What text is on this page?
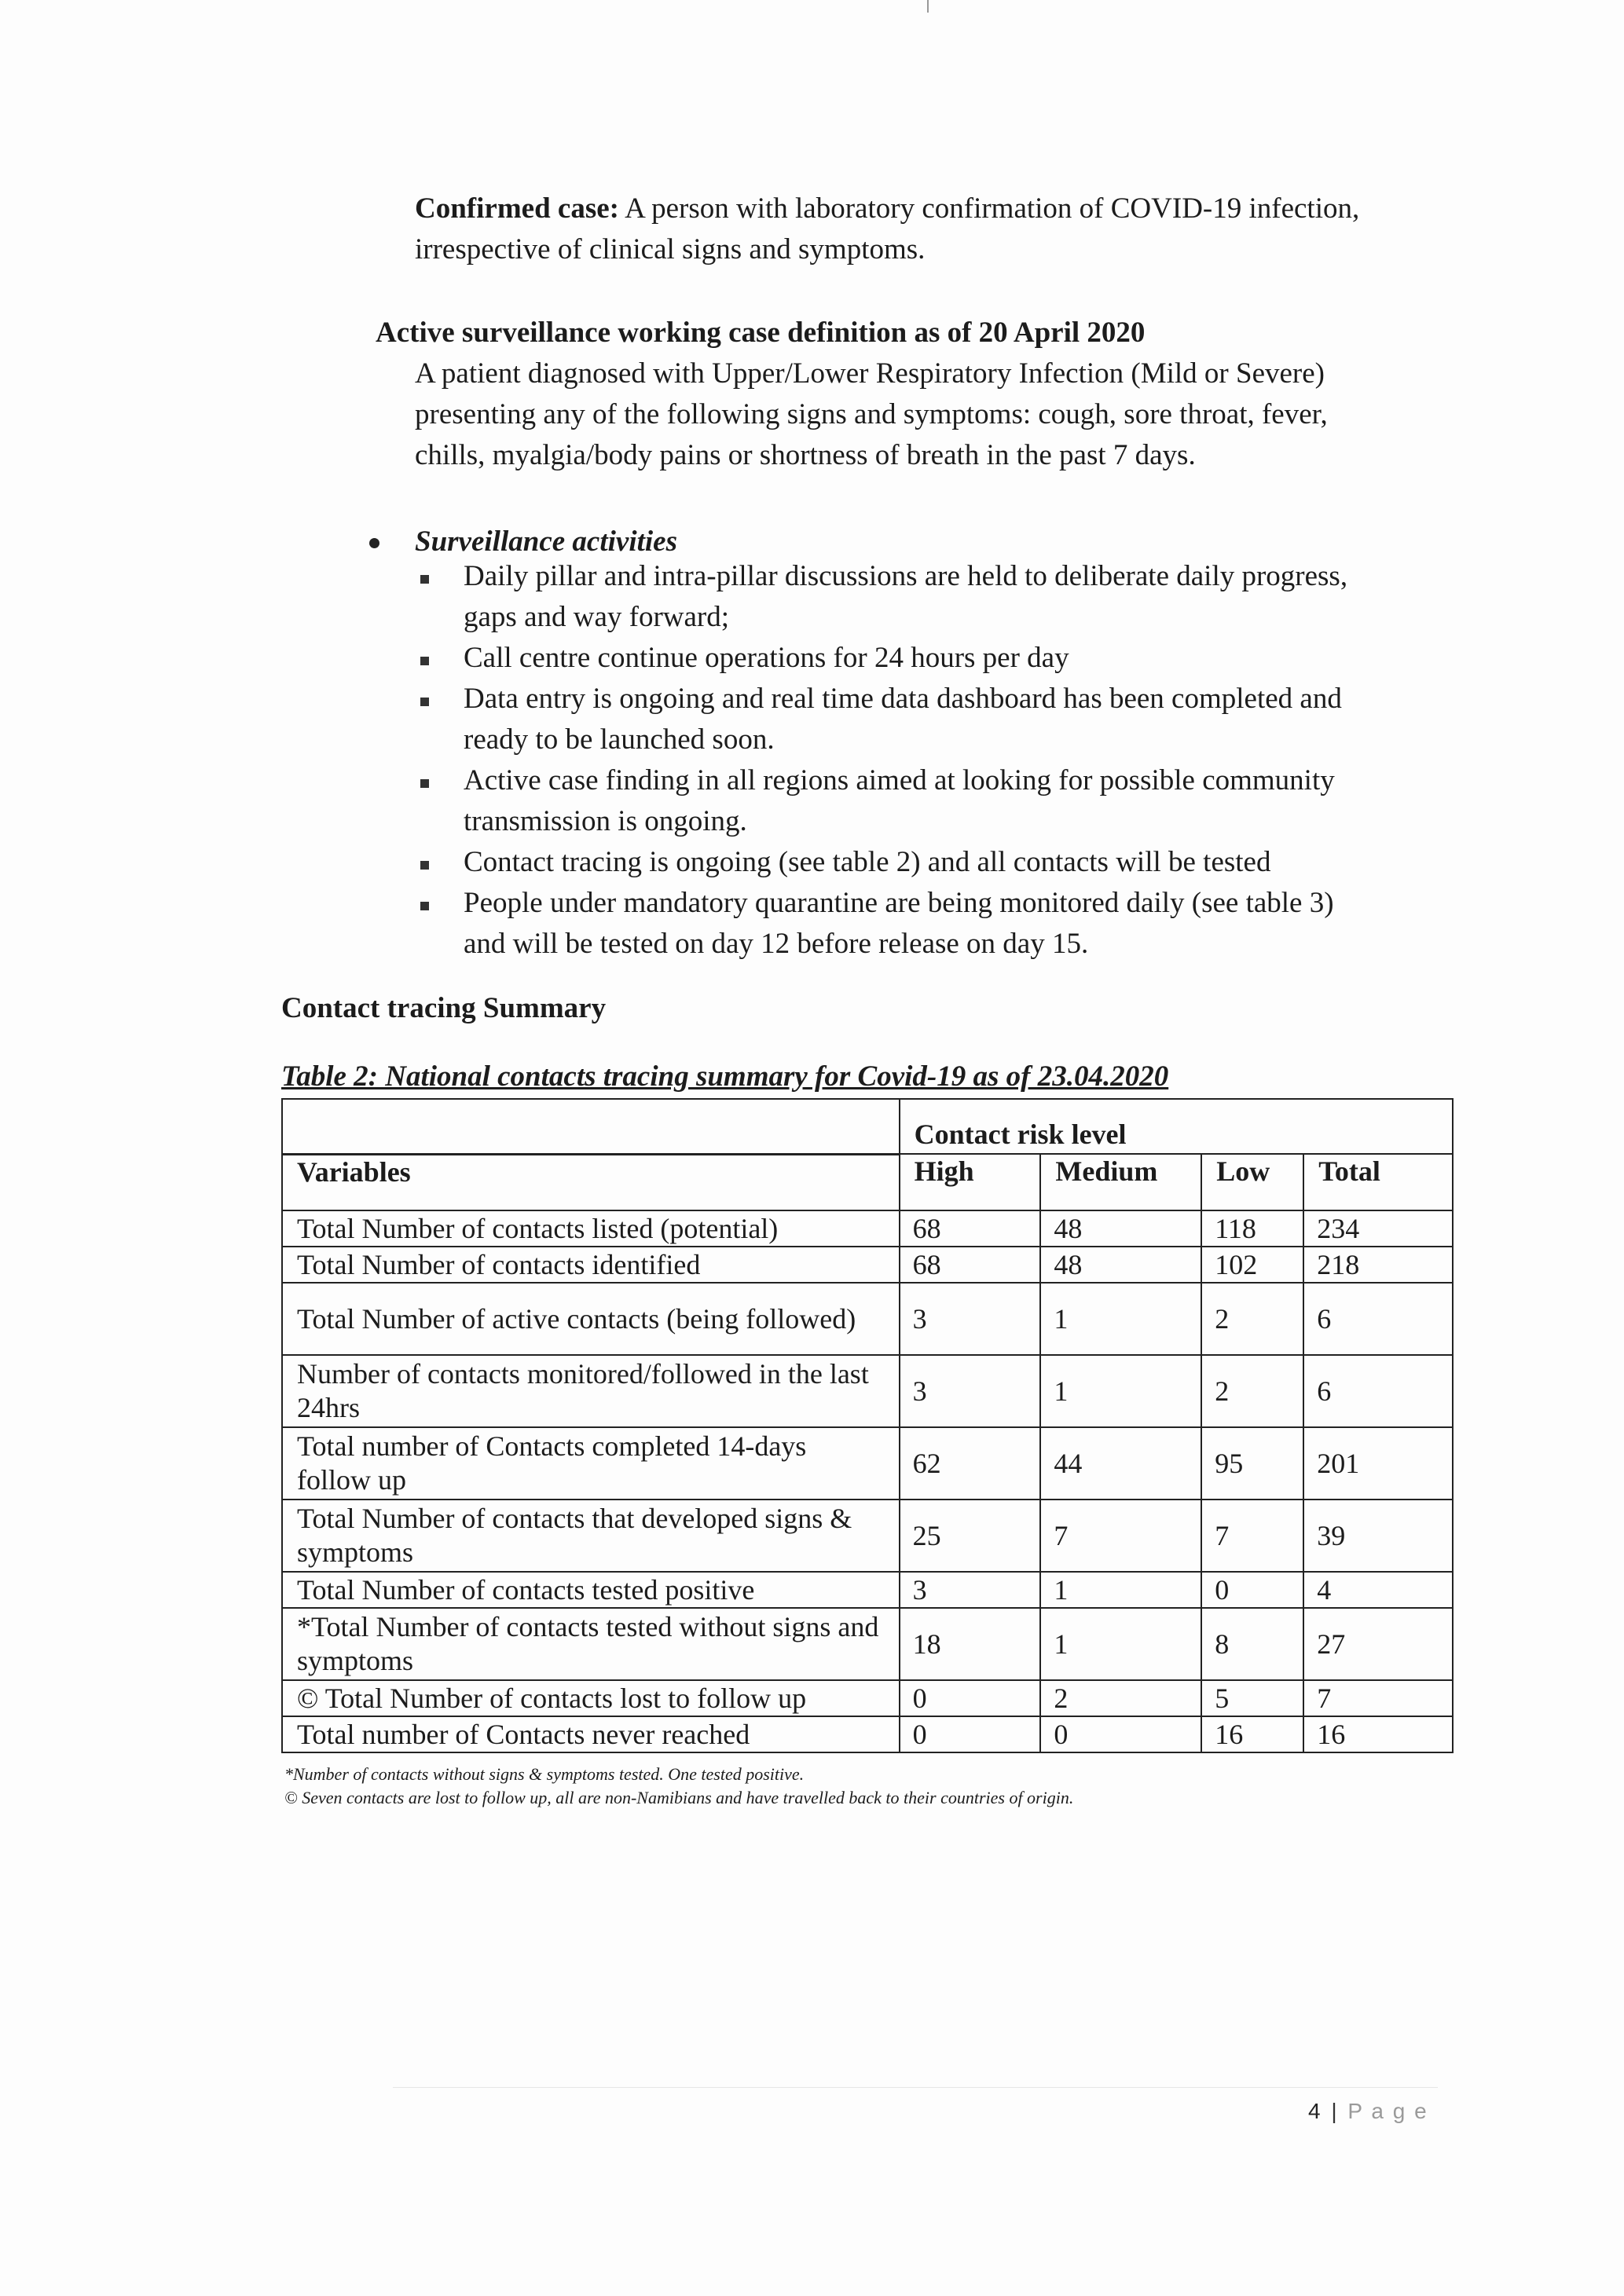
Confirmed case: A person with laboratory confirmation of COVID-19 infection,
irrespective of clinical signs and symptoms.
Active surveillance working case definition as of 20 April 2020
A patient diagnosed with Upper/Lower Respiratory Infection (Mild or Severe)
presenting any of the following signs and symptoms: cough, sore throat, fever,
chills, myalgia/body pains or shortness of breath in the past 7 days.
Surveillance activities
Daily pillar and intra-pillar discussions are held to deliberate daily progress,
gaps and way forward;
Call centre continue operations for 24 hours per day
Data entry is ongoing and real time data dashboard has been completed and
ready to be launched soon.
Active case finding in all regions aimed at looking for possible community
transmission is ongoing.
Contact tracing is ongoing (see table 2) and all contacts will be tested
People under mandatory quarantine are being monitored daily (see table 3)
and will be tested on day 12 before release on day 15.
Contact tracing Summary
Table 2: National contacts tracing summary for Covid-19 as of 23.04.2020
	Contact risk level			
Variables	High	Medium	Low	Total
Total Number of contacts listed (potential)	68	48	118	234
Total Number of contacts identified	68	48	102	218
Total Number of active contacts (being followed)	3	1	2	6
Number of contacts monitored/followed in the last 24hrs	3	1	2	6
Total number of Contacts completed 14-days follow up	62	44	95	201
Total Number of contacts that developed signs & symptoms	25	7	7	39
Total Number of contacts tested positive	3	1	0	4
*Total Number of contacts tested without signs and symptoms	18	1	8	27
© Total Number of contacts lost to follow up	0	2	5	7
Total number of Contacts never reached	0	0	16	16
*Number of contacts without signs & symptoms tested. One tested positive.
© Seven contacts are lost to follow up, all are non-Namibians and have travelled back to their countries of origin.
4 | P a g e
